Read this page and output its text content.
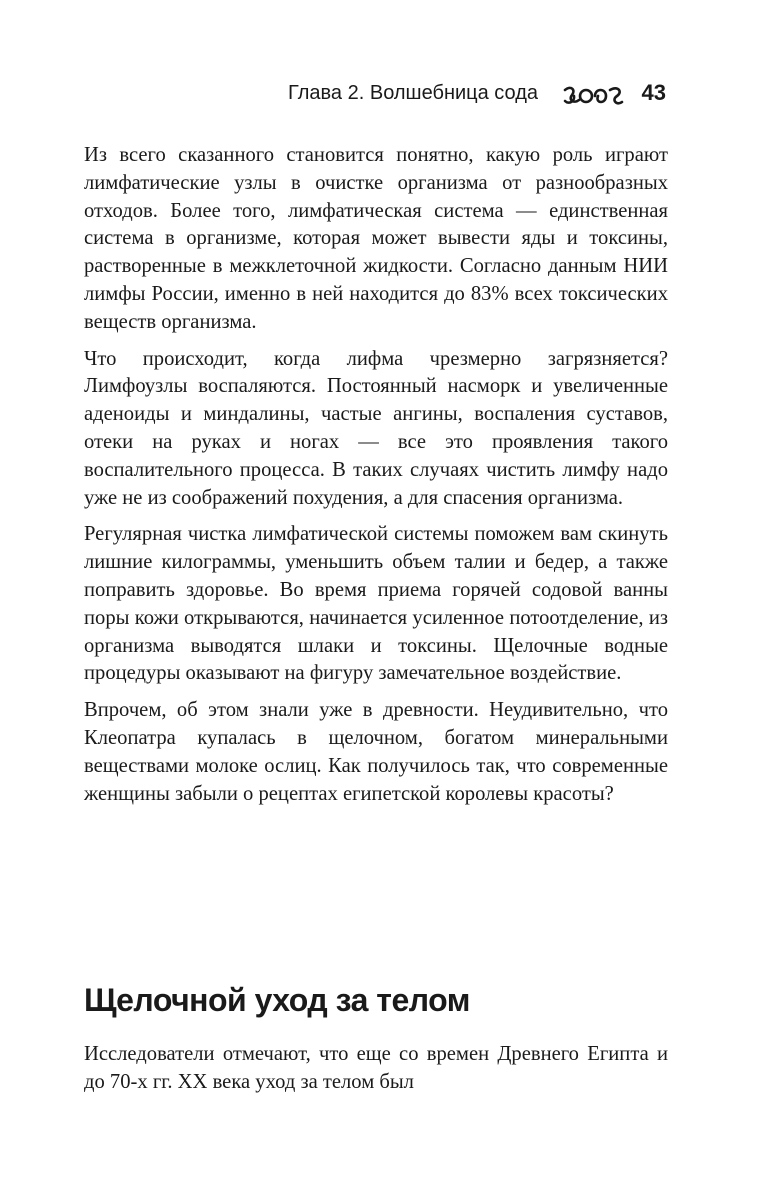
Глава 2. Волшебница сода	43

Из всего сказанного становится понятно, какую роль играют лимфатические узлы в очистке организма от разнообразных отходов. Более того, лимфатическая система — единственная система в организме, которая может вывести яды и токсины, растворенные в межклеточной жидкости. Согласно данным НИИ лимфы России, именно в ней находится до 83% всех токсических веществ организма.

Что происходит, когда лифма чрезмерно загрязняется? Лимфоузлы воспаляются. Постоянный насморк и увеличенные аденоиды и миндалины, частые ангины, воспаления суставов, отеки на руках и ногах — все это проявления такого воспалительного процесса. В таких случаях чистить лимфу надо уже не из соображений похудения, а для спасения организма.

Регулярная чистка лимфатической системы поможем вам скинуть лишние килограммы, уменьшить объем талии и бедер, а также поправить здоровье. Во время приема горячей содовой ванны поры кожи открываются, начинается усиленное потоотделение, из организма выводятся шлаки и токсины. Щелочные водные процедуры оказывают на фигуру замечательное воздействие.

Впрочем, об этом знали уже в древности. Неудивительно, что Клеопатра купалась в щелочном, богатом минеральными веществами молоке ослиц. Как получилось так, что современные женщины забыли о рецептах египетской королевы красоты?

Щелочной уход за телом

Исследователи отмечают, что еще со времен Древнего Египта и до 70-х гг. XX века уход за телом был
